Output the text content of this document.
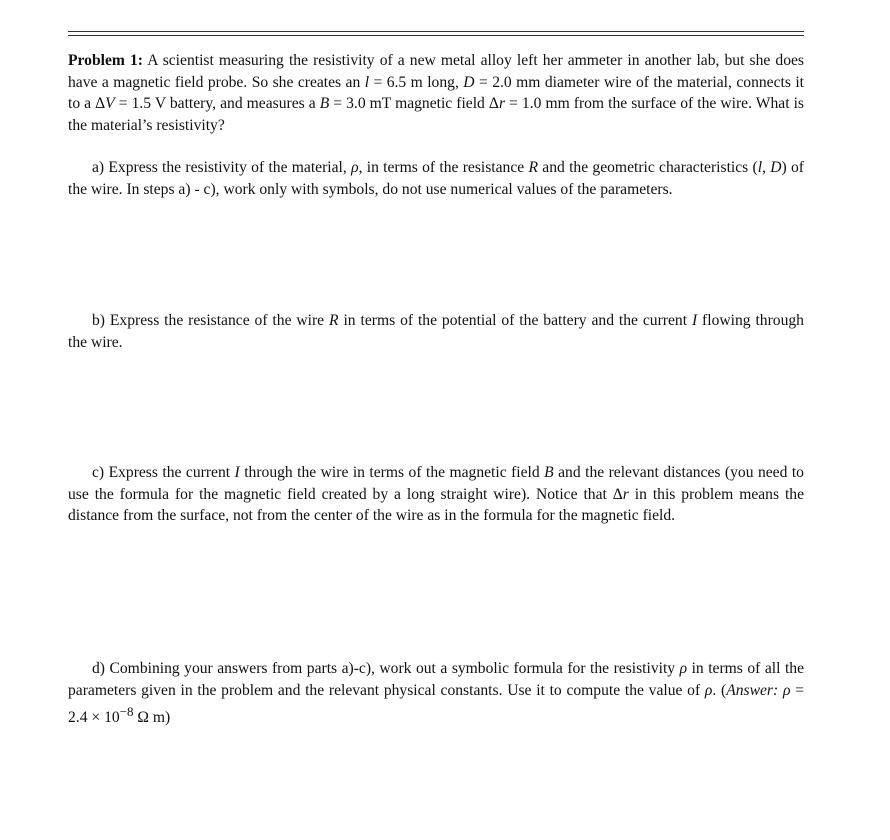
Problem 1: A scientist measuring the resistivity of a new metal alloy left her ammeter in another lab, but she does have a magnetic field probe. So she creates an l = 6.5 m long, D = 2.0 mm diameter wire of the material, connects it to a ΔV = 1.5 V battery, and measures a B = 3.0 mT magnetic field Δr = 1.0 mm from the surface of the wire. What is the material’s resistivity?

a) Express the resistivity of the material, ρ, in terms of the resistance R and the geometric characteristics (l, D) of the wire. In steps a) - c), work only with symbols, do not use numerical values of the parameters.

b) Express the resistance of the wire R in terms of the potential of the battery and the current I flowing through the wire.

c) Express the current I through the wire in terms of the magnetic field B and the relevant distances (you need to use the formula for the magnetic field created by a long straight wire). Notice that Δr in this problem means the distance from the surface, not from the center of the wire as in the formula for the magnetic field.

d) Combining your answers from parts a)-c), work out a symbolic formula for the resistivity ρ in terms of all the parameters given in the problem and the relevant physical constants. Use it to compute the value of ρ. (Answer: $\rho = 2.4 \times 10^{-8}$ Ω m)
